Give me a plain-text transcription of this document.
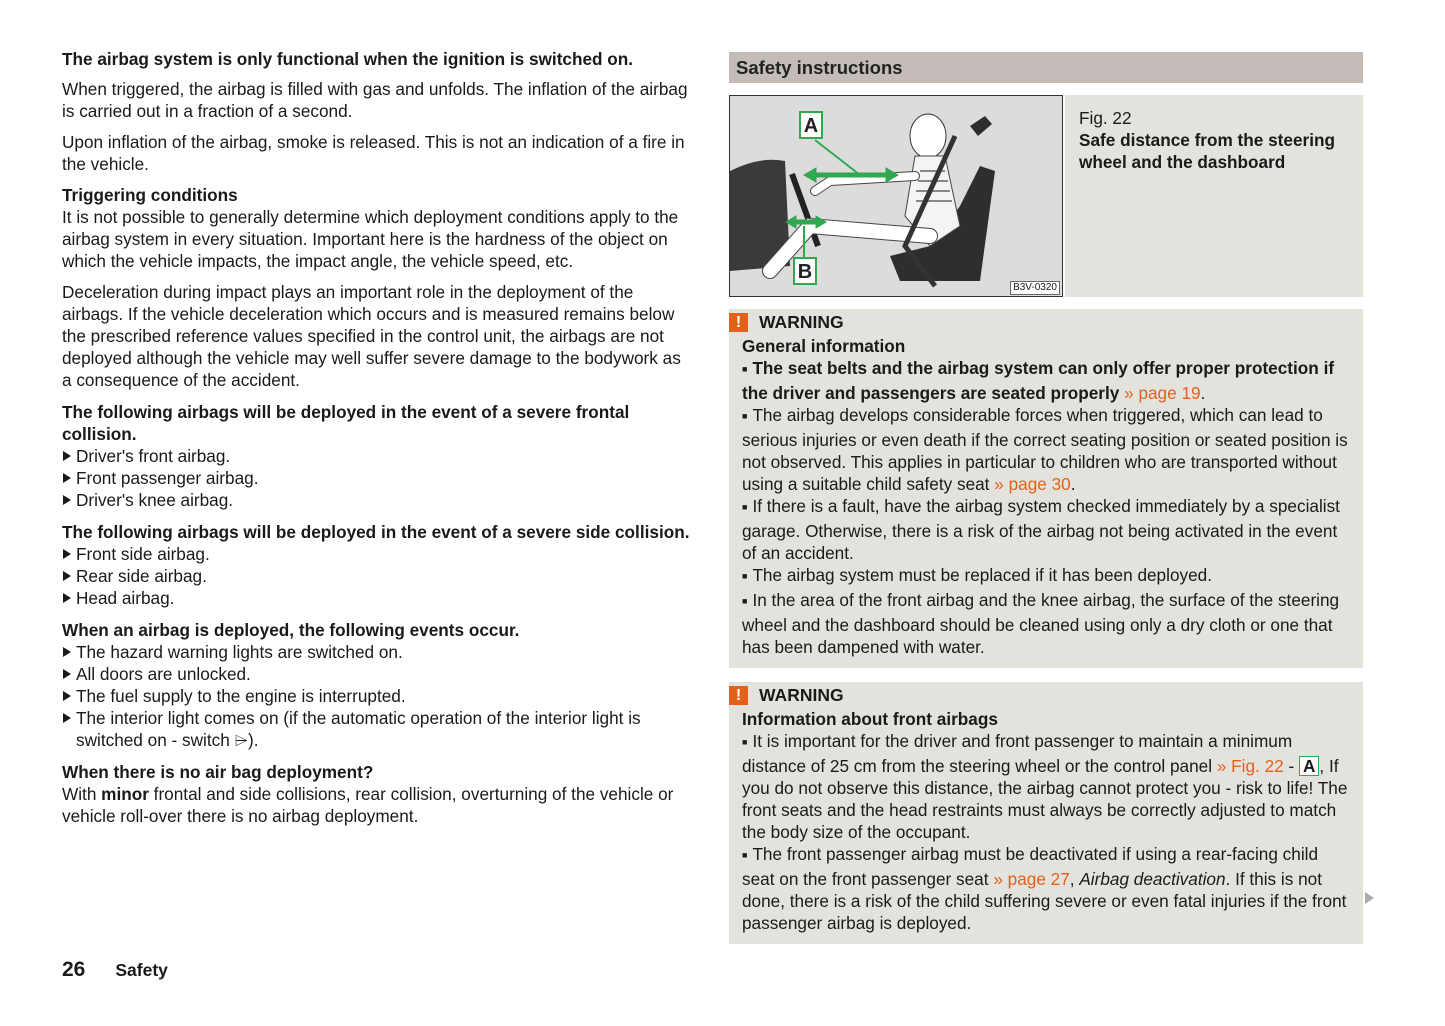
The airbag system is only functional when the ignition is switched on.

When triggered, the airbag is filled with gas and unfolds. The inflation of the airbag is carried out in a fraction of a second.

Upon inflation of the airbag, smoke is released. This is not an indication of a fire in the vehicle.

Triggering conditions

It is not possible to generally determine which deployment conditions apply to the airbag system in every situation. Important here is the hardness of the object on which the vehicle impacts, the impact angle, the vehicle speed, etc.

Deceleration during impact plays an important role in the deployment of the airbags. If the vehicle deceleration which occurs and is measured remains below the prescribed reference values specified in the control unit, the airbags are not deployed although the vehicle may well suffer severe damage to the bodywork as a consequence of the accident.

The following airbags will be deployed in the event of a severe frontal collision.

Driver's front airbag.
Front passenger airbag.
Driver's knee airbag.

The following airbags will be deployed in the event of a severe side collision.

Front side airbag.
Rear side airbag.
Head airbag.

When an airbag is deployed, the following events occur.

The hazard warning lights are switched on.
All doors are unlocked.
The fuel supply to the engine is interrupted.
The interior light comes on (if the automatic operation of the interior light is switched on - switch ⌲).

When there is no air bag deployment?

With minor frontal and side collisions, rear collision, overturning of the vehicle or vehicle roll-over there is no airbag deployment.

Safety instructions
A
B
B3V-0320
Fig. 22
Safe distance from the steering wheel and the dashboard
!	WARNING

General information

■ The seat belts and the airbag system can only offer proper protection if the driver and passengers are seated properly » page 19.

■ The airbag develops considerable forces when triggered, which can lead to serious injuries or even death if the correct seating position or seated position is not observed. This applies in particular to children who are transported without using a suitable child safety seat » page 30.

■ If there is a fault, have the airbag system checked immediately by a specialist garage. Otherwise, there is a risk of the airbag not being activated in the event of an accident.

■ The airbag system must be replaced if it has been deployed.

■ In the area of the front airbag and the knee airbag, the surface of the steering wheel and the dashboard should be cleaned using only a dry cloth or one that has been dampened with water.

!	WARNING

Information about front airbags

■ It is important for the driver and front passenger to maintain a minimum distance of 25 cm from the steering wheel or the control panel » Fig. 22 - A , If you do not observe this distance, the airbag cannot protect you - risk to life! The front seats and the head restraints must always be correctly adjusted to match the body size of the occupant.

■ The front passenger airbag must be deactivated if using a rear-facing child seat on the front passenger seat » page 27, Airbag deactivation. If this is not done, there is a risk of the child suffering severe or even fatal injuries if the front passenger airbag is deployed.

26 Safety
